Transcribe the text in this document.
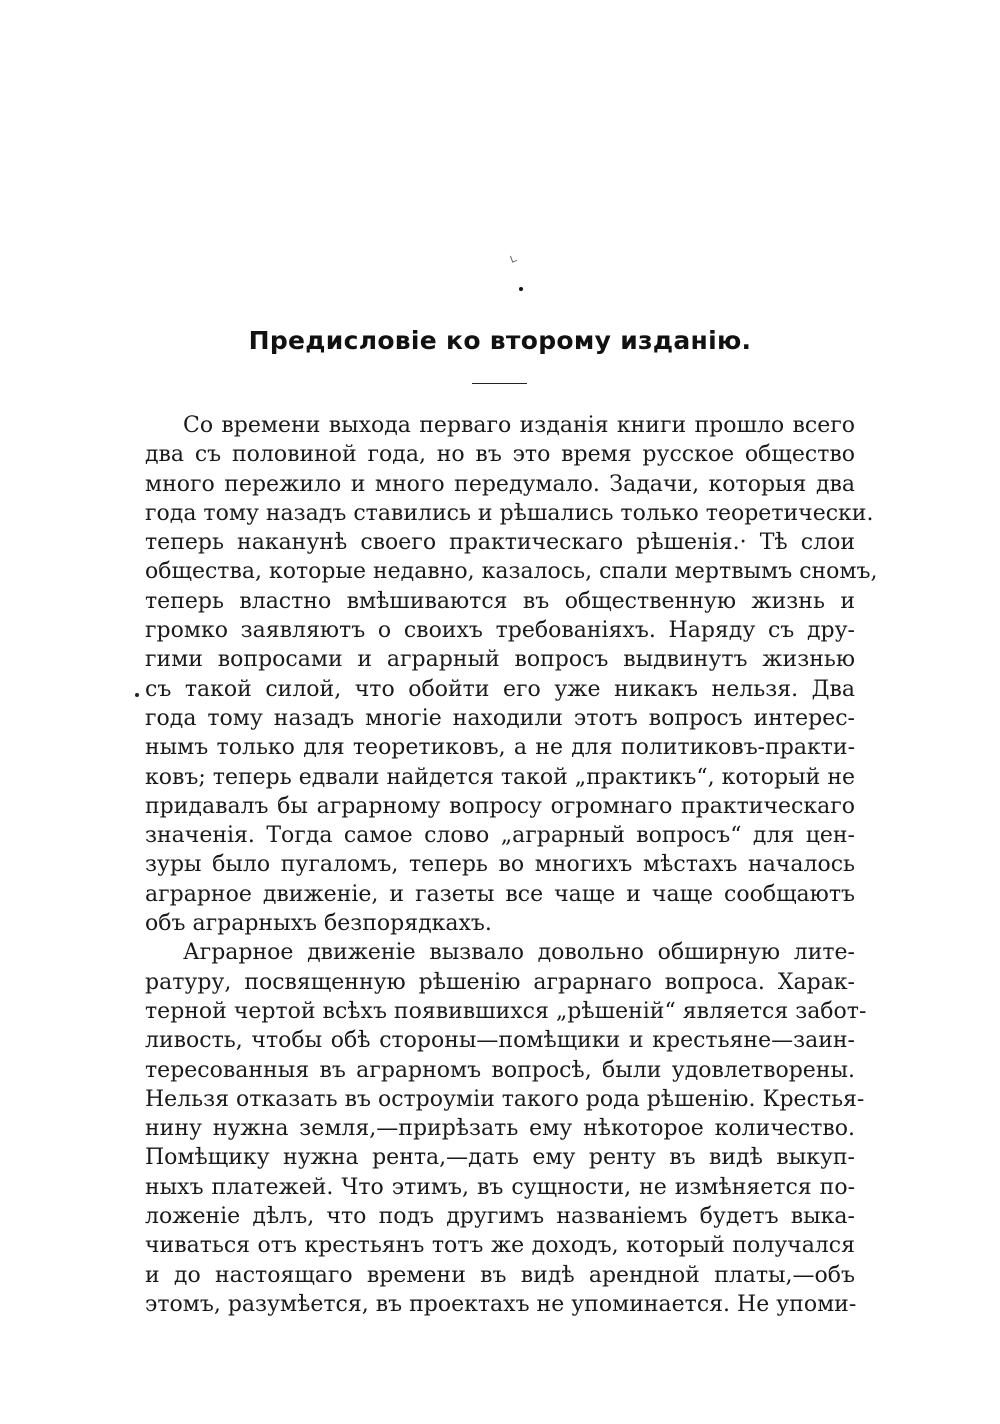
Предисловіе ко второму изданію.

Со времени выхода перваго изданія книги прошло всего
два съ половиной года, но въ это время русское общество
много пережило и много передумало. Задачи, которыя два
года тому назадъ ставились и рѣшались только теоретически.
теперь наканунѣ своего практическаго рѣшенія.· Тѣ слои
общества, которые недавно, казалось, спали мертвымъ сномъ,
теперь властно вмѣшиваются въ общественную жизнь и
громко заявляютъ о своихъ требованіяхъ. Наряду съ дру-
гими вопросами и аграрный вопросъ выдвинутъ жизнью
съ такой силой, что обойти его уже никакъ нельзя. Два
года тому назадъ многіе находили этотъ вопросъ интерес-
нымъ только для теоретиковъ, а не для политиковъ-практи-
ковъ; теперь едвали найдется такой „практикъ“, который не
придавалъ бы аграрному вопросу огромнаго практическаго
значенія. Тогда самое слово „аграрный вопросъ“ для цен-
зуры было пугаломъ, теперь во многихъ мѣстахъ началось
аграрное движеніе, и газеты все чаще и чаще сообщаютъ
объ аграрныхъ безпорядкахъ.

Аграрное движеніе вызвало довольно обширную лите-
ратуру, посвященную рѣшенію аграрнаго вопроса. Харак-
терной чертой всѣхъ появившихся „рѣшеній“ является забот-
ливость, чтобы обѣ стороны—помѣщики и крестьяне—заин-
тересованныя въ аграрномъ вопросѣ, были удовлетворены.
Нельзя отказать въ остроуміи такого рода рѣшенію. Крестья-
нину нужна земля,—прирѣзать ему нѣкоторое количество.
Помѣщику нужна рента,—дать ему ренту въ видѣ выкуп-
ныхъ платежей. Что этимъ, въ сущности, не измѣняется по-
ложеніе дѣлъ, что подъ другимъ названіемъ будетъ выка-
чиваться отъ крестьянъ тотъ же доходъ, который получался
и до настоящаго времени въ видѣ арендной платы,—объ
этомъ, разумѣется, въ проектахъ не упоминается. Не упоми-
